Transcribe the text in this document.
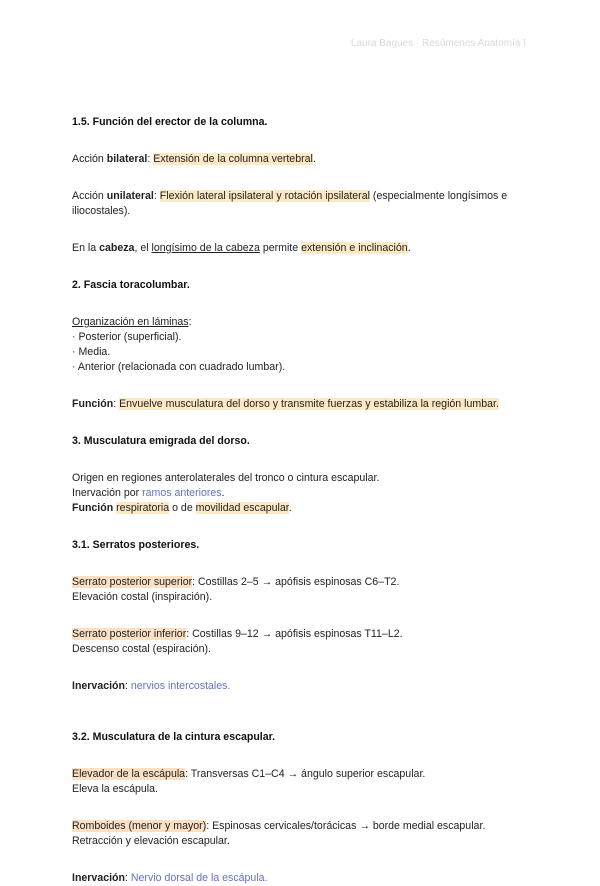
Laura Bagues · Resúmenes Anatomía I

1.5. Función del erector de la columna.

Acción bilateral: Extensión de la columna vertebral.

Acción unilateral: Flexión lateral ipsilateral y rotación ipsilateral (especialmente longísimos e iliocostales).

En la cabeza, el longísimo de la cabeza permite extensión e inclinación.

2. Fascia toracolumbar.

Organización en láminas:

· Posterior (superficial).

· Media.

· Anterior (relacionada con cuadrado lumbar).

Función: Envuelve musculatura del dorso y transmite fuerzas y estabiliza la región lumbar.

3. Musculatura emigrada del dorso.

Origen en regiones anterolaterales del tronco o cintura escapular.

Inervación por ramos anteriores.

Función respiratoria o de movilidad escapular.

3.1. Serratos posteriores.

Serrato posterior superior: Costillas 2–5 → apófisis espinosas C6–T2.

Elevación costal (inspiración).

Serrato posterior inferior: Costillas 9–12 → apófisis espinosas T11–L2.

Descenso costal (espiración).

Inervación: nervios intercostales.

3.2. Musculatura de la cintura escapular.

Elevador de la escápula: Transversas C1–C4 → ángulo superior escapular.

Eleva la escápula.

Romboides (menor y mayor): Espinosas cervicales/torácicas → borde medial escapular.

Retracción y elevación escapular.

Inervación: Nervio dorsal de la escápula.
